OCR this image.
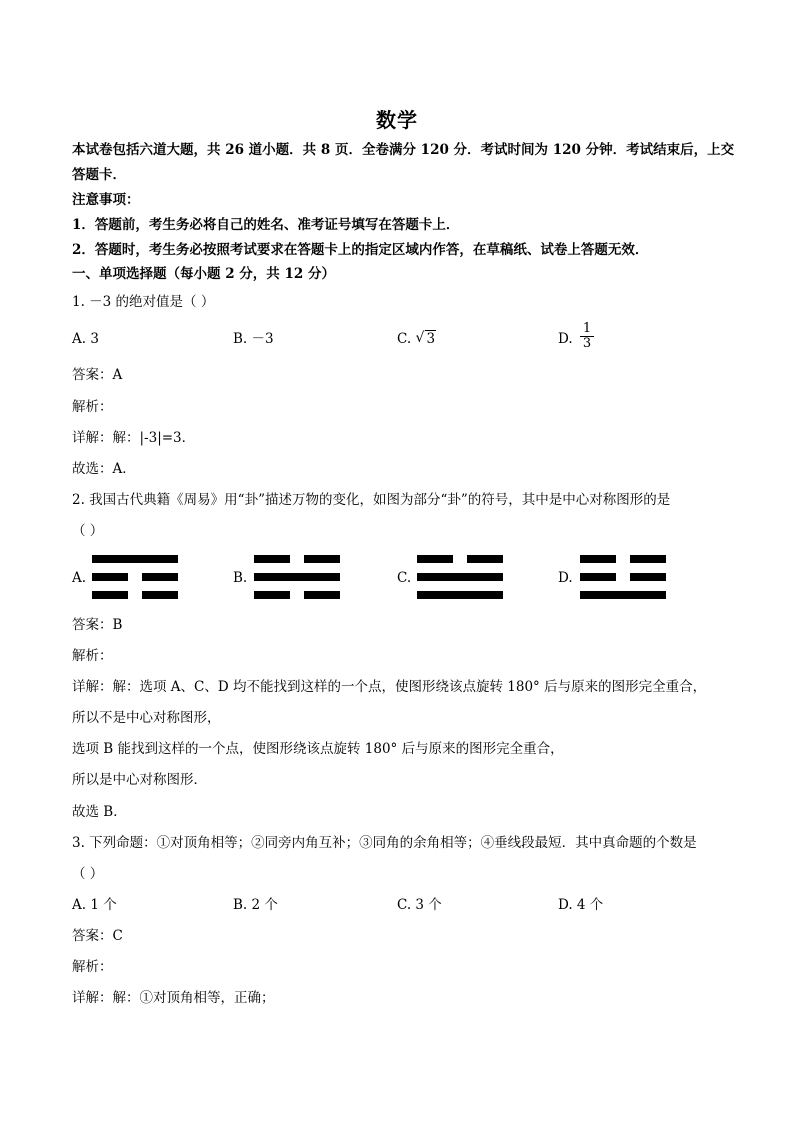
数学
本试卷包括六道大题，共 26 道小题．共 8 页．全卷满分 120 分．考试时间为 120 分钟．考试结束后，上交
答题卡．
注意事项：
1．答题前，考生务必将自己的姓名、准考证号填写在答题卡上．
2．答题时，考生务必按照考试要求在答题卡上的指定区域内作答，在草稿纸、试卷上答题无效．
一、单项选择题（每小题 2 分，共 12 分）
1. －3 的绝对值是（ ）
A. 3	B. －3	C. √ 3	D. $\frac{1}{3}$
答案：A
解析：
详解：解：|-3|=3．
故选：A．
2. 我国古代典籍《周易》用“卦”描述万物的变化，如图为部分“卦”的符号，其中是中心对称图形的是
（ ）
A.	B.	C.	D.
答案：B
解析：
详解：解：选项 A、C、D 均不能找到这样的一个点，使图形绕该点旋转 180° 后与原来的图形完全重合，
所以不是中心对称图形，
选项 B 能找到这样的一个点，使图形绕该点旋转 180° 后与原来的图形完全重合，
所以是中心对称图形．
故选 B．
3. 下列命题：①对顶角相等；②同旁内角互补；③同角的余角相等；④垂线段最短．其中真命题的个数是
（ ）
A. 1 个	B. 2 个	C. 3 个	D. 4 个
答案：C
解析：
详解：解：①对顶角相等，正确；
